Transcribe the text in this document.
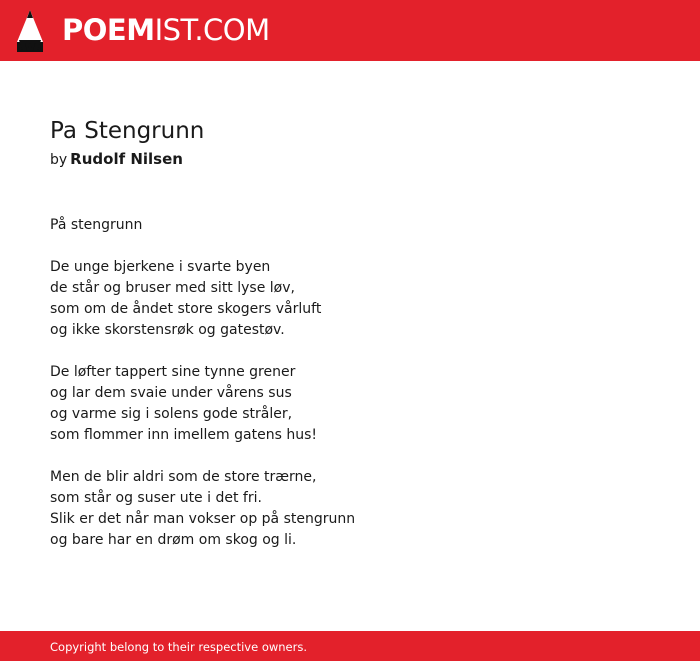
POEMIST.COM
Pa Stengrunn
by Rudolf Nilsen
På stengrunn
De unge bjerkene i svarte byen
de står og bruser med sitt lyse løv,
som om de åndet store skogers vårluft
og ikke skorstensrøk og gatestøv.
De løfter tappert sine tynne grener
og lar dem svaie under vårens sus
og varme sig i solens gode stråler,
som flommer inn imellem gatens hus!
Men de blir aldri som de store trærne,
som står og suser ute i det fri.
Slik er det når man vokser op på stengrunn
og bare har en drøm om skog og li.
Copyright belong to their respective owners.
